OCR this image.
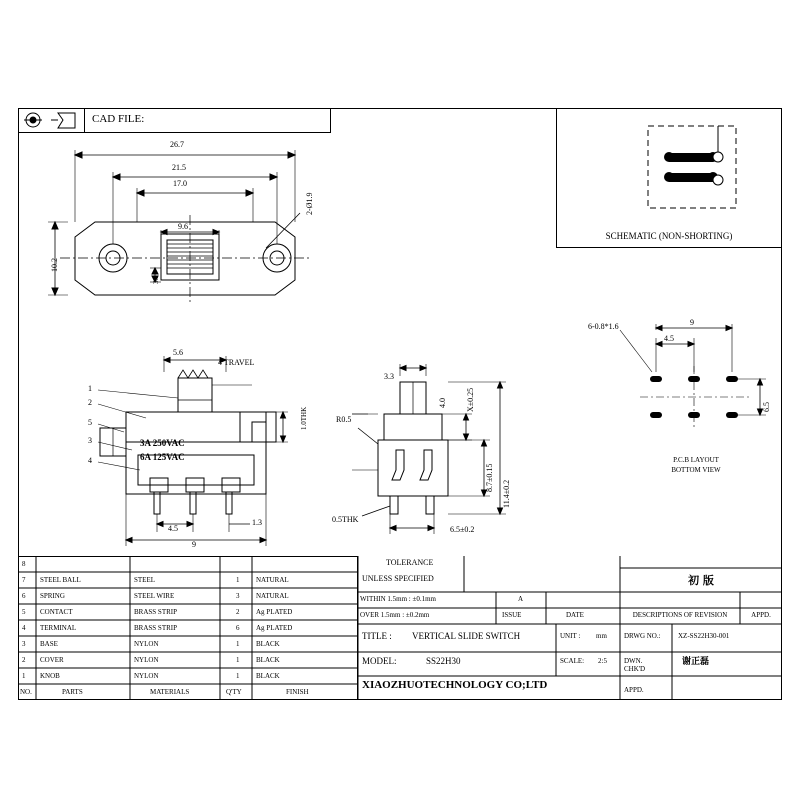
CAD FILE:
SCHEMATIC (NON-SHORTING)
26.7
21.5
17.0
9.6
10.2
3.5
2-Ø1.9
5.6
4 TRAVEL
1.0THK
4.5
9
1.3
3A 250VAC
6A 125VAC
1
2
5
3
4
3.3
X±0.25
4.0
R0.5
8.7±0.15
11.4±0.2
0.5THK
6.5±0.2
6-0.8*1.6	9
4.5
6.5
P.C.B LAYOUT
BOTTOM VIEW
8
7 STEEL BALL	STEEL	1 NATURAL
6 SPRING	STEEL WIRE	3 NATURAL
5 CONTACT	BRASS STRIP	2 Ag PLATED
4 TERMINAL	BRASS STRIP	6 Ag PLATED
3 BASE	NYLON	1 BLACK
2 COVER	NYLON	1 BLACK
1 KNOB	NYLON	1 BLACK
NO.	PARTS	MATERIALS	Q'TY	FINISH
TOLERANCE
UNLESS SPECIFIED
WITHIN 1.5mm : ±0.1mm
OVER 1.5mm : ±0.2mm
A
ISSUE	DATE	DESCRIPTIONS OF REVISION	APPD.
初 版
TITLE : VERTICAL SLIDE SWITCH	UNIT : mm DRWG NO.: XZ-SS22H30-001
MODEL:	SS22H30	SCALE: 2:5 DWN.	谢正磊
CHK'D
XIAOZHUOTECHNOLOGY CO;LTD	APPD.
